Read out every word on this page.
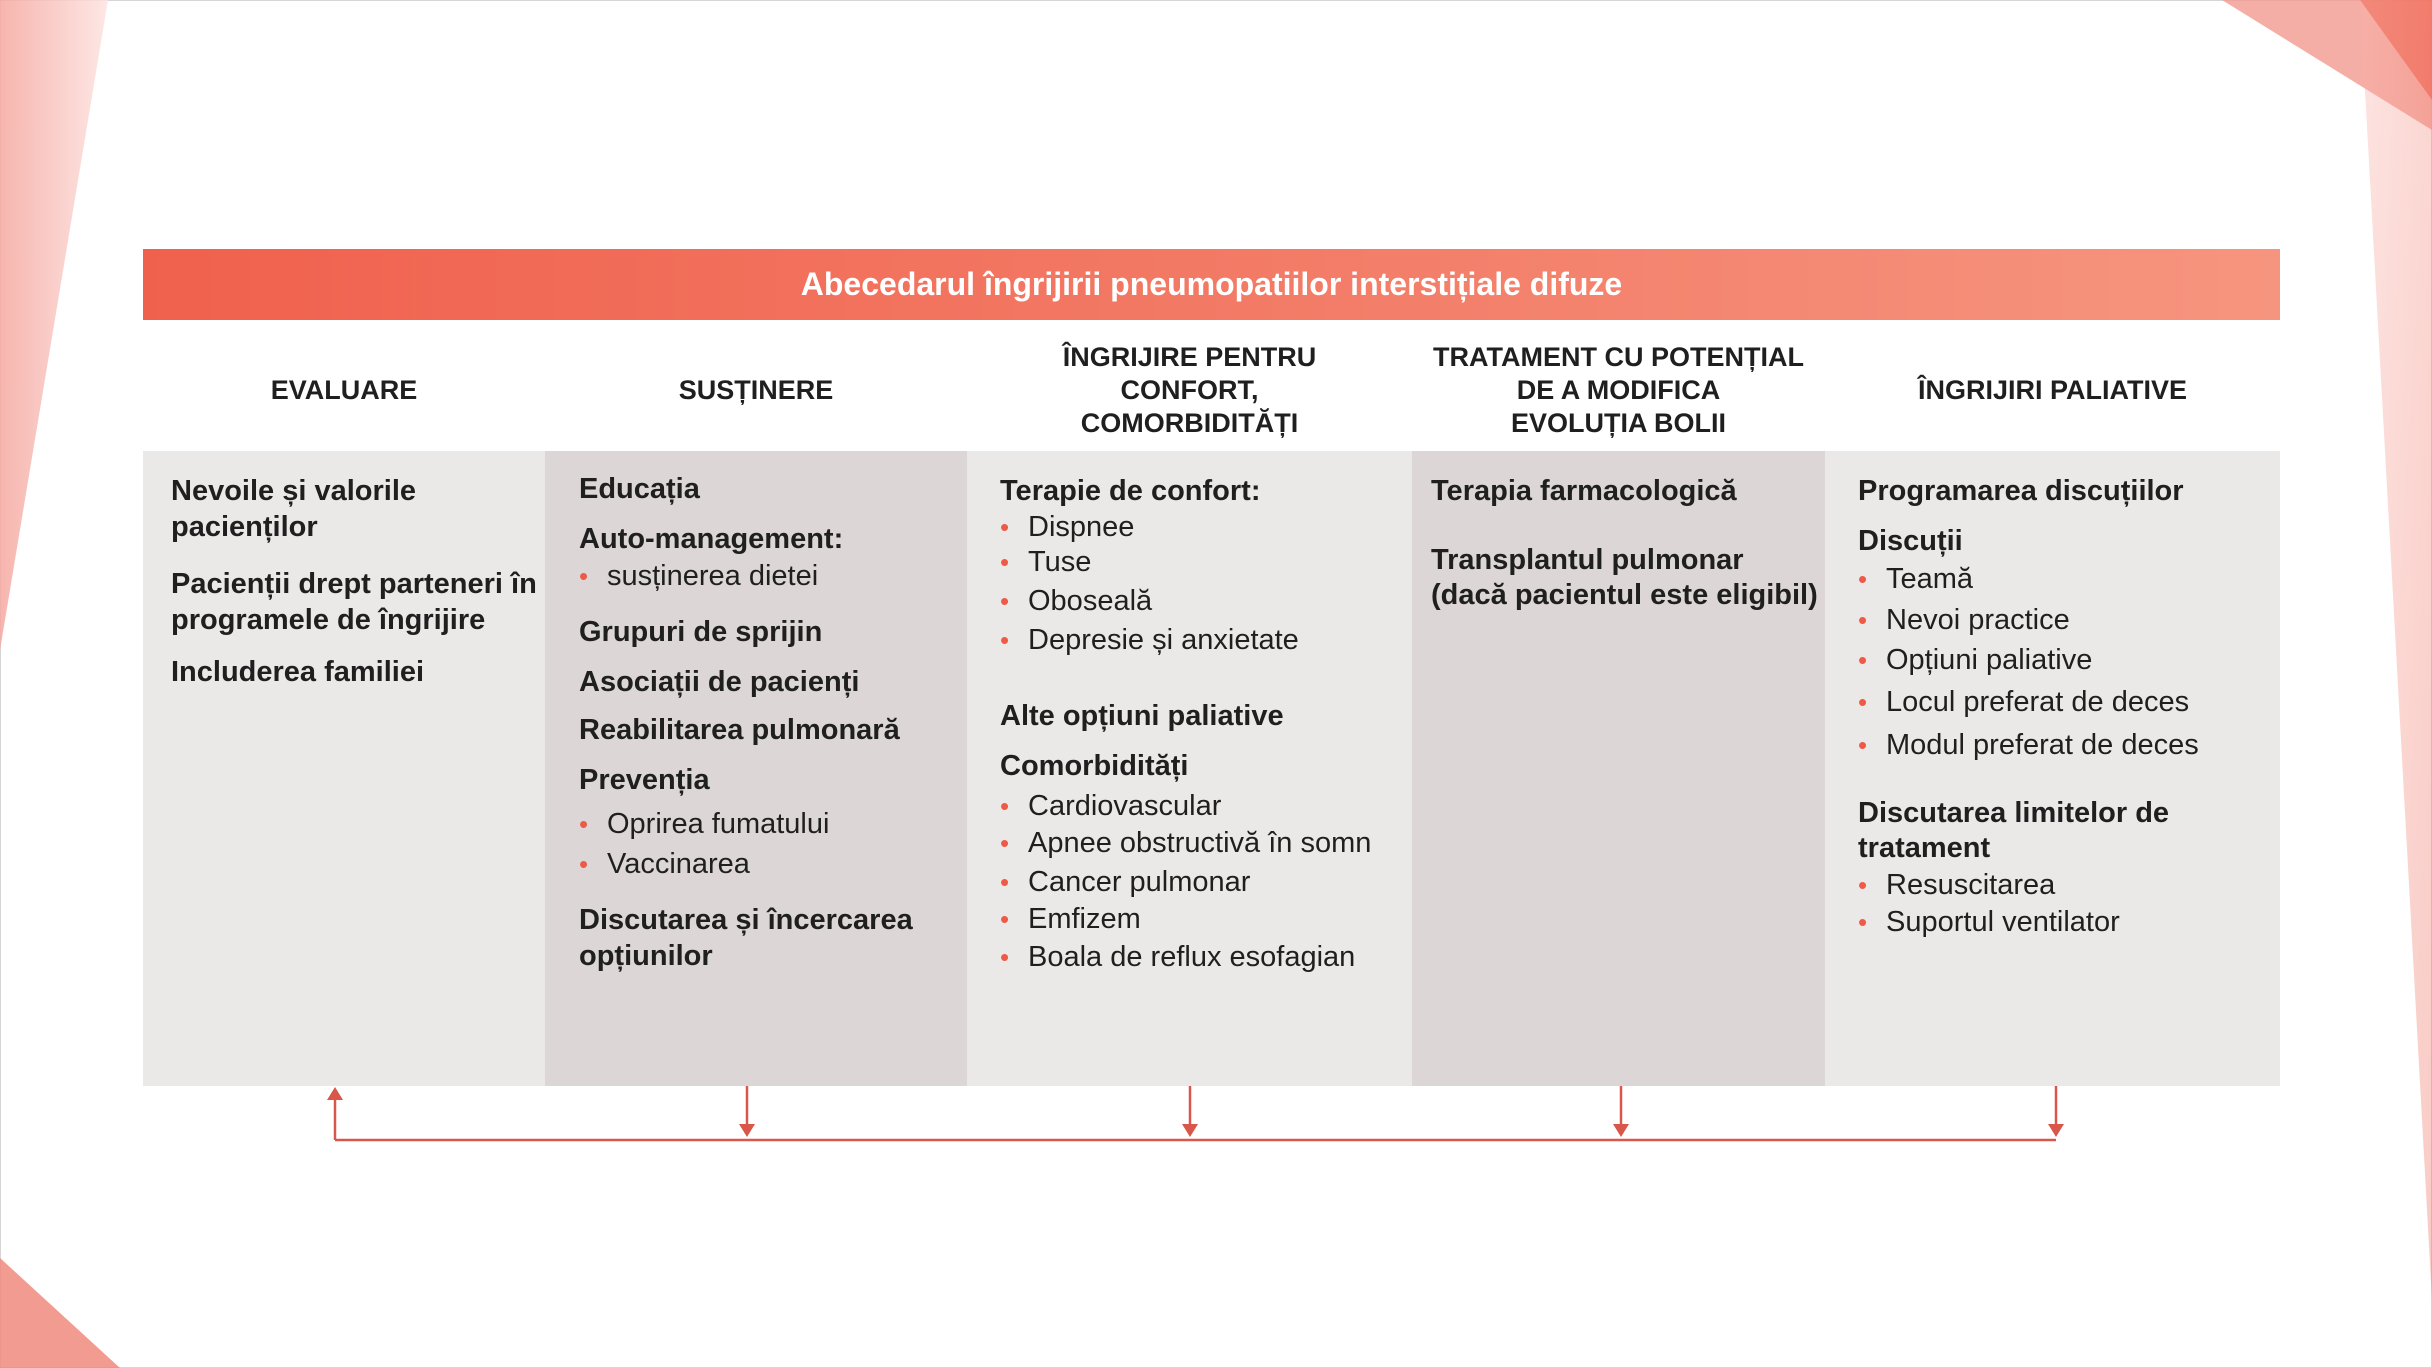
Abecedarul îngrijirii pneumopatiilor interstițiale difuze
EVALUARE	SUSȚINERE
ÎNGRIJIRE PENTRU
CONFORT,
COMORBIDITĂȚI
TRATAMENT CU POTENȚIAL
DE A MODIFICA
EVOLUȚIA BOLII
ÎNGRIJIRI PALIATIVE
Nevoile și valorile
pacienților
Pacienții drept parteneri în
programele de îngrijire
Includerea familiei
Educația
Auto-management:
• susținerea dietei
Grupuri de sprijin
Asociații de pacienți
Reabilitarea pulmonară
Prevenția
• Oprirea fumatului
• Vaccinarea
Discutarea și încercarea
opțiunilor
Terapie de confort:
• Dispnee
• Tuse
• Oboseală
• Depresie și anxietate
Alte opțiuni paliative
Comorbidități
• Cardiovascular
• Apnee obstructivă în somn
• Cancer pulmonar
• Emfizem
• Boala de reflux esofagian
Terapia farmacologică
Transplantul pulmonar
(dacă pacientul este eligibil)
Programarea discuțiilor
Discuții
• Teamă
• Nevoi practice
• Opțiuni paliative
• Locul preferat de deces
• Modul preferat de deces
Discutarea limitelor de
tratament
• Resuscitarea
• Suportul ventilator
